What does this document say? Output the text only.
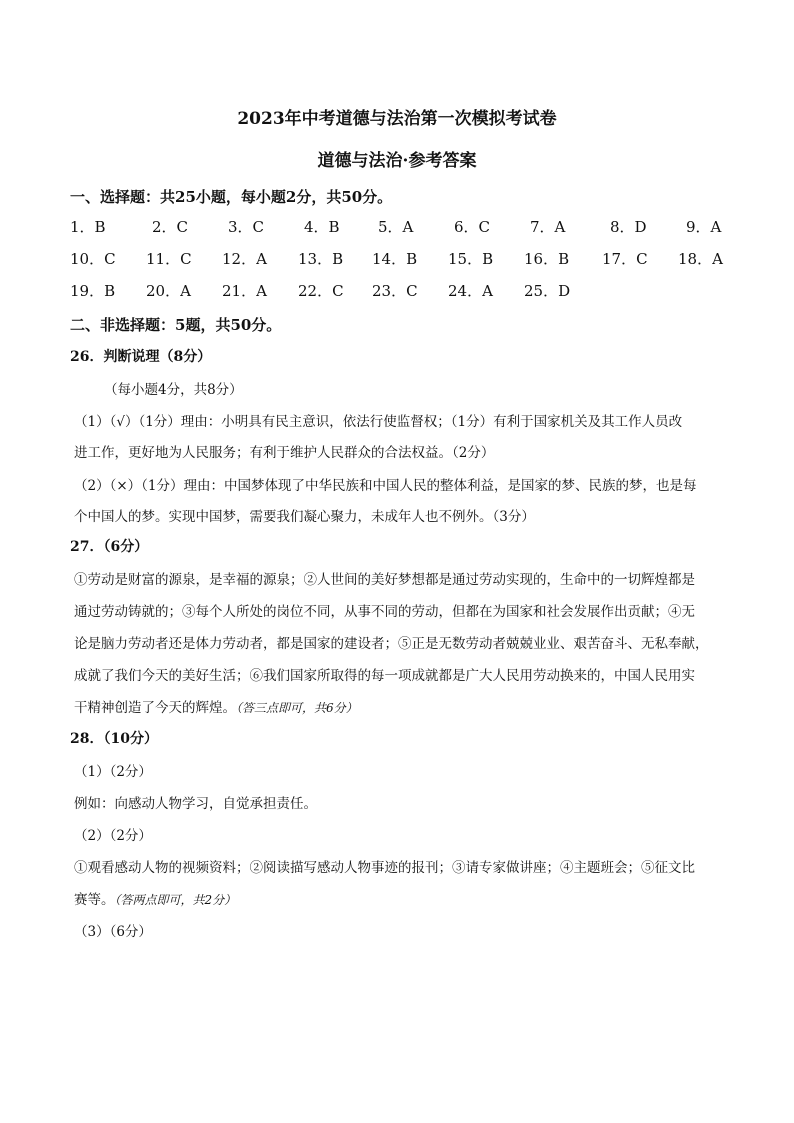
2023年中考道德与法治第一次模拟考试卷
道德与法治·参考答案
一、选择题：共25小题，每小题2分，共50分。
1．B	2．C	3．C	4．B	5．A	6．C	7．A	8．D	9．A
10．C 11．C 12．A 13．B 14．B 15．B 16．B 17．C 18．A
19．B 20．A 21．A 22．C 23．C 24．A 25．D
二、非选择题：5题，共50分。
26．判断说理（8分）
（每小题4分，共8分）
（1）（√）（1分）理由：小明具有民主意识，依法行使监督权；（1分）有利于国家机关及其工作人员改
进工作，更好地为人民服务；有利于维护人民群众的合法权益。（2分）
（2）（×）（1分）理由：中国梦体现了中华民族和中国人民的整体利益，是国家的梦、民族的梦，也是每
个中国人的梦。实现中国梦，需要我们凝心聚力，未成年人也不例外。（3分）
27．（6分）
①劳动是财富的源泉，是幸福的源泉；②人世间的美好梦想都是通过劳动实现的，生命中的一切辉煌都是
通过劳动铸就的；③每个人所处的岗位不同，从事不同的劳动，但都在为国家和社会发展作出贡献；④无
论是脑力劳动者还是体力劳动者，都是国家的建设者；⑤正是无数劳动者兢兢业业、艰苦奋斗、无私奉献，
成就了我们今天的美好生活；⑥我们国家所取得的每一项成就都是广大人民用劳动换来的，中国人民用实
干精神创造了今天的辉煌。（答三点即可，共6分）
28．（10分）
（1）（2分）
例如：向感动人物学习，自觉承担责任。
（2）（2分）
①观看感动人物的视频资料；②阅读描写感动人物事迹的报刊；③请专家做讲座；④主题班会；⑤征文比
赛等。（答两点即可，共2分）
（3）（6分）
